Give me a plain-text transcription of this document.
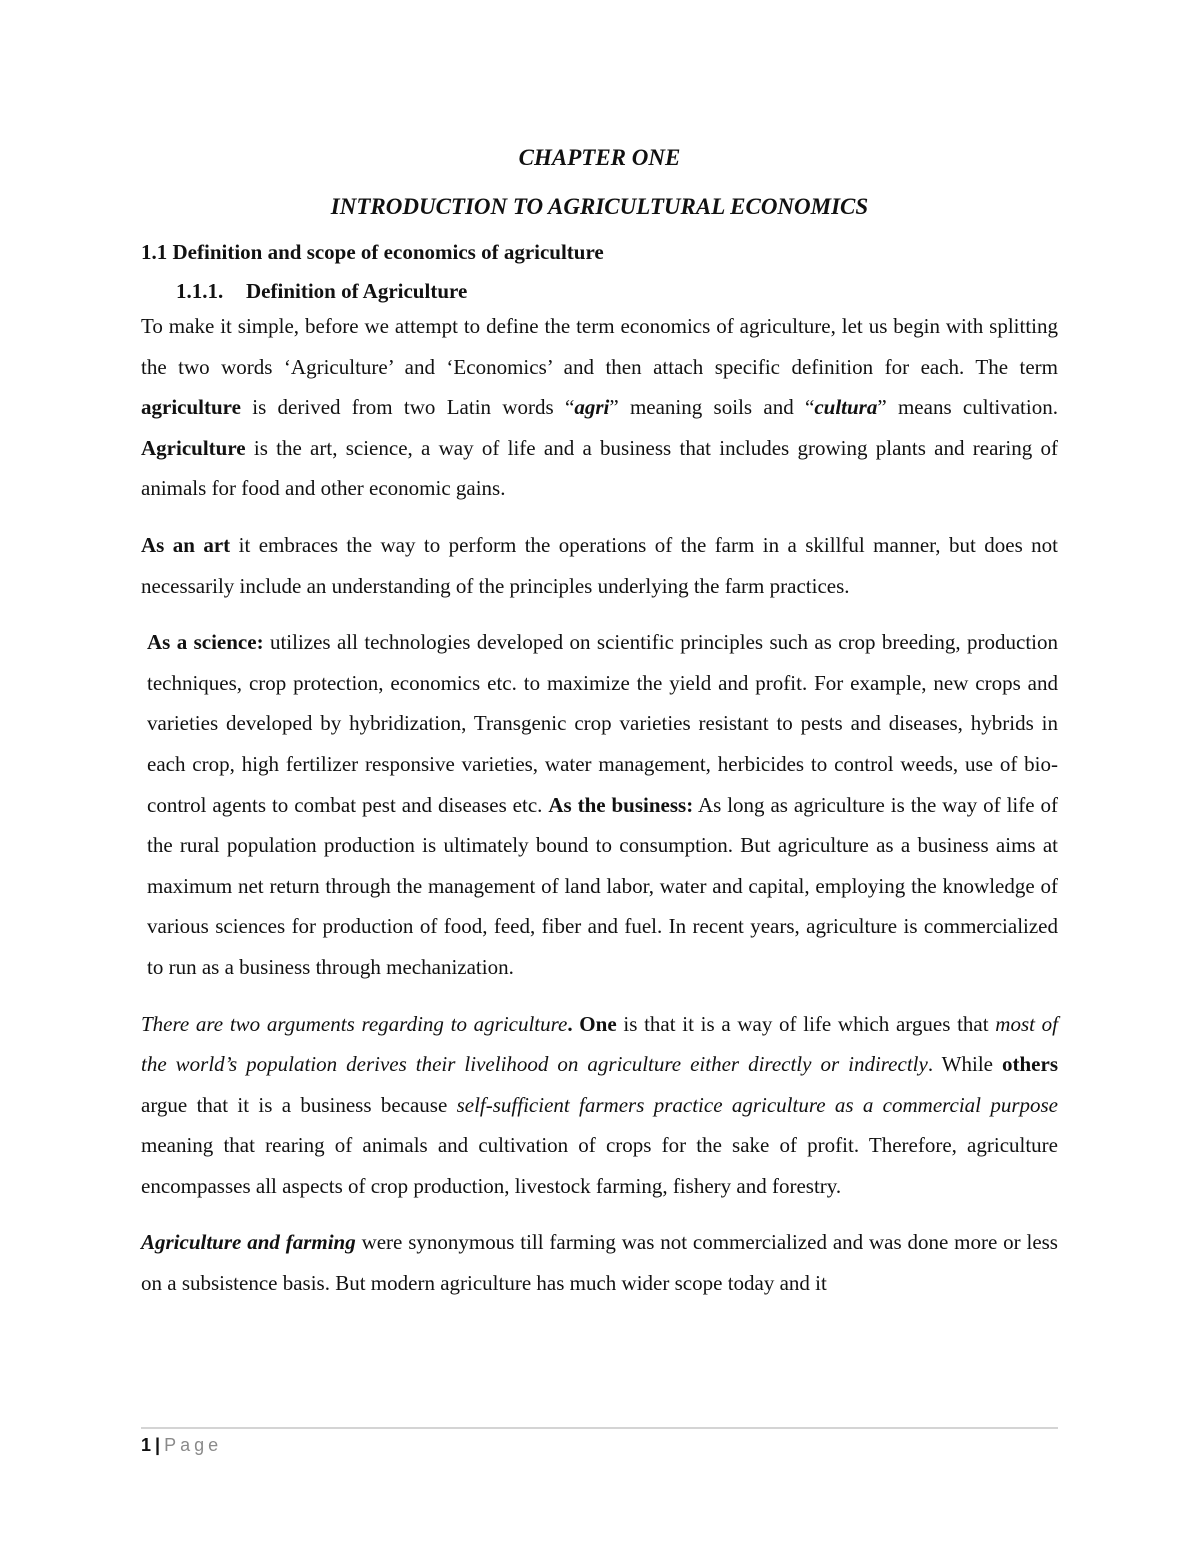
CHAPTER ONE
INTRODUCTION TO AGRICULTURAL ECONOMICS
1.1 Definition and scope of economics of agriculture
1.1.1. Definition of Agriculture

To make it simple, before we attempt to define the term economics of agriculture, let us begin with splitting the two words ‘Agriculture’ and ‘Economics’ and then attach specific definition for each. The term agriculture is derived from two Latin words “agri” meaning soils and “cultura” means cultivation. Agriculture is the art, science, a way of life and a business that includes growing plants and rearing of animals for food and other economic gains.

As an art it embraces the way to perform the operations of the farm in a skillful manner, but does not necessarily include an understanding of the principles underlying the farm practices.

As a science: utilizes all technologies developed on scientific principles such as crop breeding, production techniques, crop protection, economics etc. to maximize the yield and profit. For example, new crops and varieties developed by hybridization, Transgenic crop varieties resistant to pests and diseases, hybrids in each crop, high fertilizer responsive varieties, water management, herbicides to control weeds, use of bio-control agents to combat pest and diseases etc. As the business: As long as agriculture is the way of life of the rural population production is ultimately bound to consumption. But agriculture as a business aims at maximum net return through the management of land labor, water and capital, employing the knowledge of various sciences for production of food, feed, fiber and fuel. In recent years, agriculture is commercialized to run as a business through mechanization.

There are two arguments regarding to agriculture. One is that it is a way of life which argues that most of the world’s population derives their livelihood on agriculture either directly or indirectly. While others argue that it is a business because self-sufficient farmers practice agriculture as a commercial purpose meaning that rearing of animals and cultivation of crops for the sake of profit. Therefore, agriculture encompasses all aspects of crop production, livestock farming, fishery and forestry.

Agriculture and farming were synonymous till farming was not commercialized and was done more or less on a subsistence basis. But modern agriculture has much wider scope today and it

1 | Page
